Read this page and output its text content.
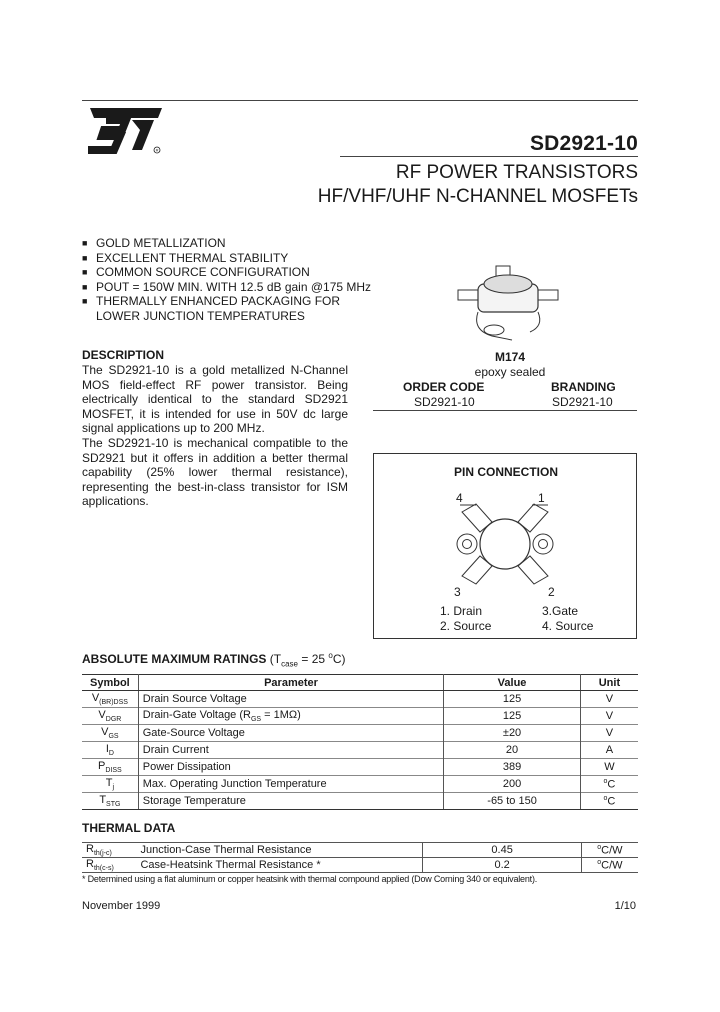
R	SD2921-10
RF POWER TRANSISTORS
HF/VHF/UHF N-CHANNEL MOSFETs
■ GOLD METALLIZATION
■ EXCELLENT THERMAL STABILITY
■ COMMON SOURCE CONFIGURATION
■ POUT = 150W MIN. WITH 12.5 dB gain @175 MHz
■ THERMALLY ENHANCED PACKAGING FOR LOWER JUNCTION TEMPERATURES
DESCRIPTION

The SD2921-10 is a gold metallized N-Channel MOS field-effect RF power transistor. Being electrically identical to the standard SD2921 MOSFET, it is intended for use in 50V dc large signal applications up to 200 MHz.

The SD2921-10 is mechanical compatible to the SD2921 but it offers in addition a better thermal capability (25% lower thermal resistance), representing the best-in-class transistor for ISM applications.

M174
epoxy sealed
ORDER CODE	BRANDING
SD2921-10	SD2921-10
PIN CONNECTION
4	1
3	2
1. Drain	3.Gate
2. Source	4. Source
ABSOLUTE MAXIMUM RATINGS ($T_{case} = 25$ $^o$C)
Symbol	Parameter	Value	Unit
$V_{(BR)DSS}$	Drain Source Voltage	125	V
$V_{DGR}$	Drain-Gate Voltage $(R_{GS} = 1M\Omega)$	125	V
$V_{GS}$	Gate-Source Voltage	±20	V
$I_D$	Drain Current	20	A
$P_{DISS}$	Power Dissipation	389	W
$T_j$	Max. Operating Junction Temperature	200	$^o$C
$T_{STG}$	Storage Temperature	-65 to 150	$^o$C
THERMAL DATA
$R_{th(j-c)}$	Junction-Case Thermal Resistance	0.45	$^o$C/W
$R_{th(c-s)}$	Case-Heatsink Thermal Resistance *	0.2	$^o$C/W
* Determined using a flat aluminum or copper heatsink with thermal compound applied (Dow Corning 340 or equivalent).
November 1999	1/10
